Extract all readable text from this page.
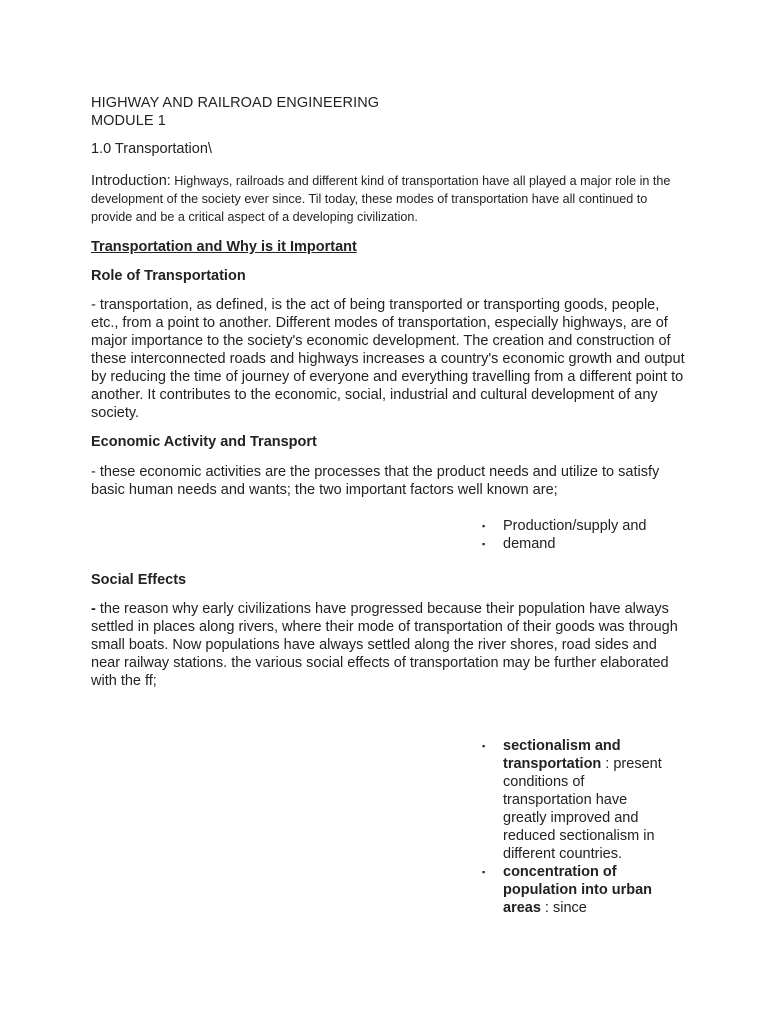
HIGHWAY AND RAILROAD ENGINEERING

MODULE 1

1.0 Transportation\

Introduction: Highways, railroads and different kind of transportation have all played a major role in the development of the society ever since. Til today, these modes of transportation have all continued to provide and be a critical aspect of a developing civilization.

Transportation and Why is it Important

Role of Transportation

- transportation, as defined, is the act of being transported or transporting goods, people, etc., from a point to another. Different modes of transportation, especially highways, are of major importance to the society's economic development. The creation and construction of these interconnected roads and highways increases a country's economic growth and output by reducing the time of journey of everyone and everything travelling from a different point to another. It contributes to the economic, social, industrial and cultural development of any society.

Economic Activity and Transport

- these economic activities are the processes that the product needs and utilize to satisfy basic human needs and wants; the two important factors well known are;

▪ Production/supply and
▪ demand

Social Effects

- the reason why early civilizations have progressed because their population have always settled in places along rivers, where their mode of transportation of their goods was through small boats. Now populations have always settled along the river shores, road sides and near railway stations. the various social effects of transportation may be further elaborated with the ff;

▪ sectionalism and transportation : present conditions of transportation have greatly improved and reduced sectionalism in different countries.
▪ concentration of population into urban areas : since
